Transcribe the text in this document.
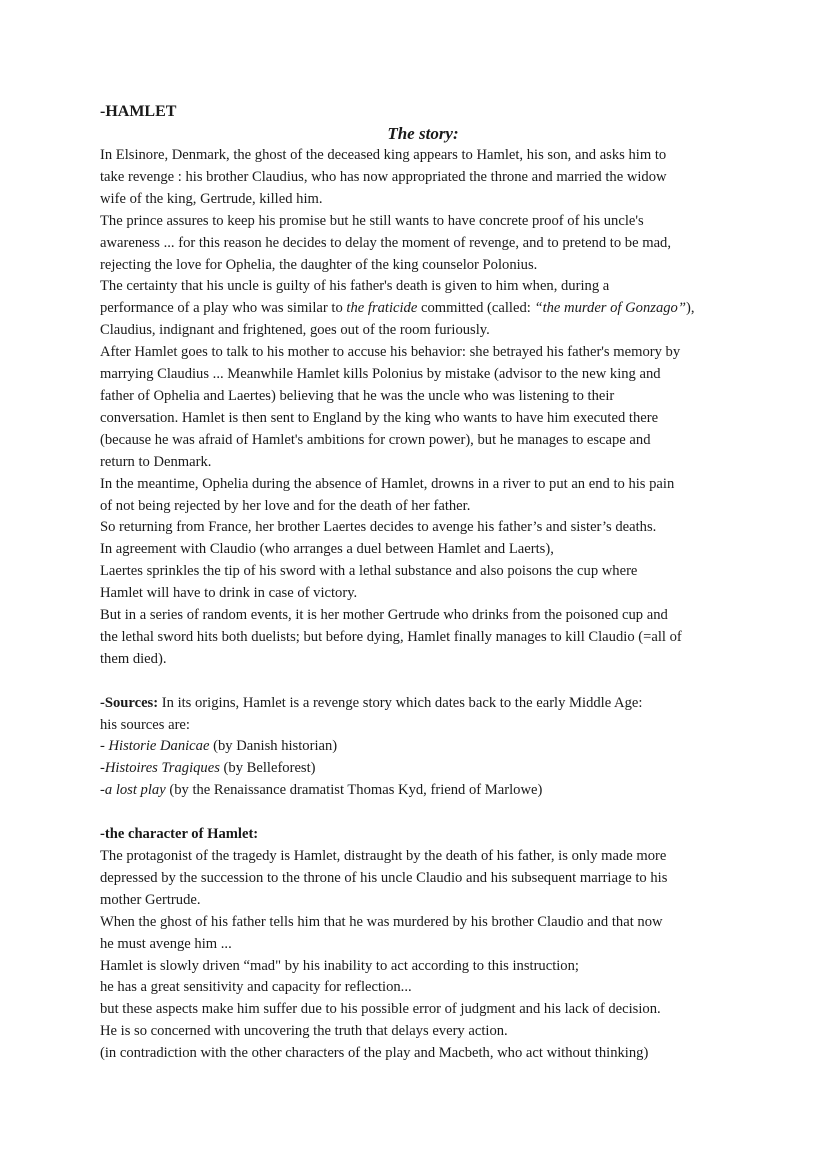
-HAMLET

The story:

In Elsinore, Denmark, the ghost of the deceased king appears to Hamlet, his son, and asks him to
take revenge : his brother Claudius, who has now appropriated the throne and married the widow
wife of the king, Gertrude, killed him.
The prince assures to keep his promise but he still wants to have concrete proof of his uncle's
awareness ... for this reason he decides to delay the moment of revenge, and to pretend to be mad,
rejecting the love for Ophelia, the daughter of the king counselor Polonius.
The certainty that his uncle is guilty of his father's death is given to him when, during a
performance of a play who was similar to the fraticide committed (called: “the murder of Gonzago”),
Claudius, indignant and frightened, goes out of the room furiously.
After Hamlet goes to talk to his mother to accuse his behavior: she betrayed his father's memory by
marrying Claudius ... Meanwhile Hamlet kills Polonius by mistake (advisor to the new king and
father of Ophelia and Laertes) believing that he was the uncle who was listening to their
conversation. Hamlet is then sent to England by the king who wants to have him executed there
(because he was afraid of Hamlet's ambitions for crown power), but he manages to escape and
return to Denmark.
In the meantime, Ophelia during the absence of Hamlet, drowns in a river to put an end to his pain
of not being rejected by her love and for the death of her father.
So returning from France, her brother Laertes decides to avenge his father’s and sister’s deaths.
In agreement with Claudio (who arranges a duel between Hamlet and Laerts),
Laertes sprinkles the tip of his sword with a lethal substance and also poisons the cup where
Hamlet will have to drink in case of victory.
But in a series of random events, it is her mother Gertrude who drinks from the poisoned cup and
the lethal sword hits both duelists; but before dying, Hamlet finally manages to kill Claudio (=all of
them died).
-Sources: In its origins, Hamlet is a revenge story which dates back to the early Middle Age:
his sources are:
- Historie Danicae (by Danish historian)
-Histoires Tragiques (by Belleforest)
-a lost play (by the Renaissance dramatist Thomas Kyd, friend of Marlowe)
-the character of Hamlet:
The protagonist of the tragedy is Hamlet, distraught by the death of his father, is only made more
depressed by the succession to the throne of his uncle Claudio and his subsequent marriage to his
mother Gertrude.
When the ghost of his father tells him that he was murdered by his brother Claudio and that now
he must avenge him ...
Hamlet is slowly driven “mad" by his inability to act according to this instruction;
he has a great sensitivity and capacity for reflection...
but these aspects make him suffer due to his possible error of judgment and his lack of decision.
He is so concerned with uncovering the truth that delays every action.
(in contradiction with the other characters of the play and Macbeth, who act without thinking)
